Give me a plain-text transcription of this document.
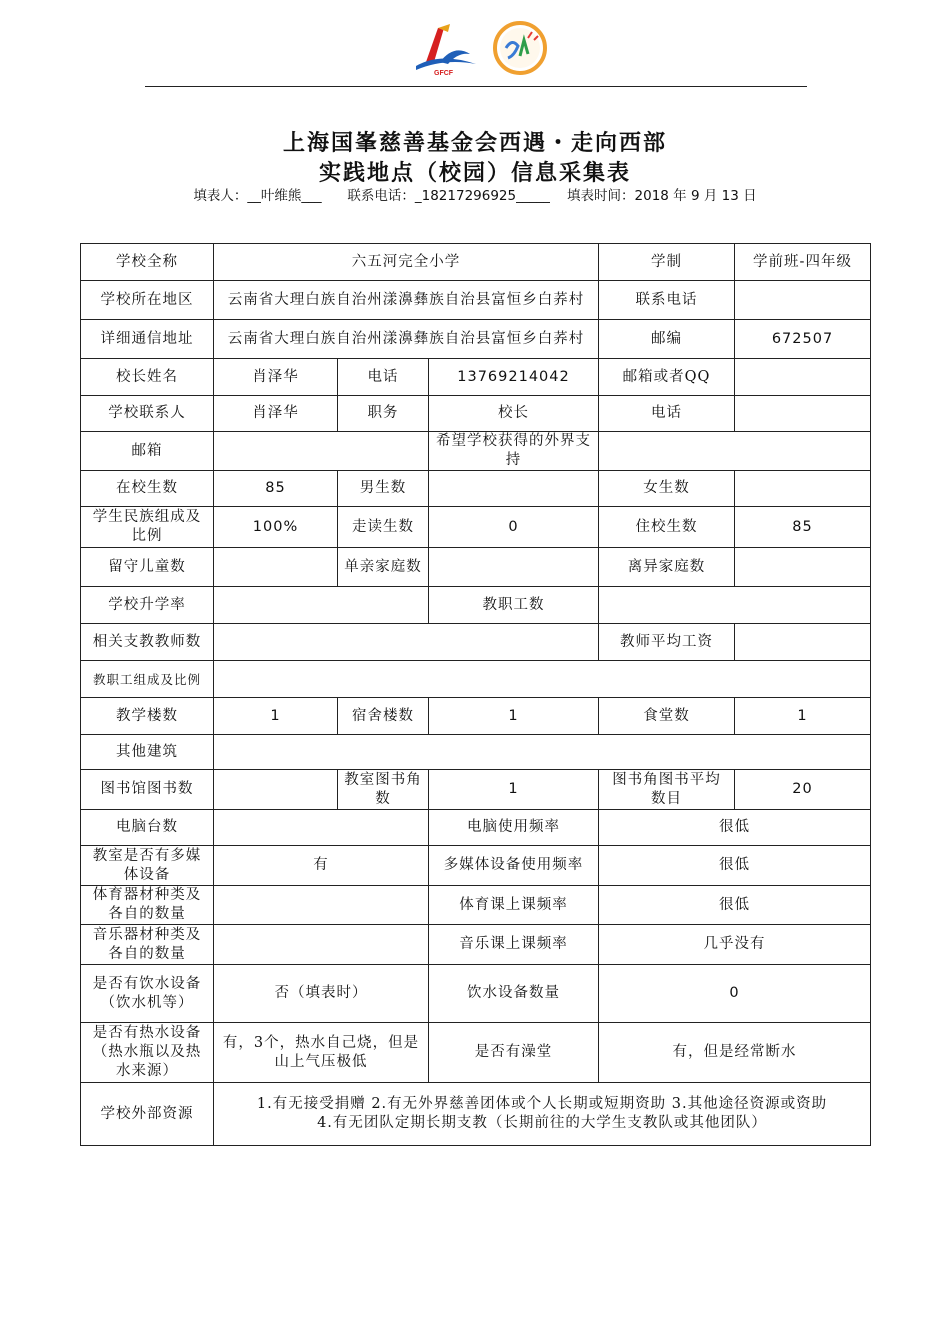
GFCF
上海国峯慈善基金会西遇・走向西部
实践地点（校园）信息采集表
填表人：__叶维熊___ 联系电话：_18217296925_____ 填表时间：2018 年 9 月 13 日
学校全称	六五河完全小学			学制	学前班-四年级
学校所在地区	云南省大理白族自治州漾濞彝族自治县富恒乡白荞村			联系电话	
详细通信地址	云南省大理白族自治州漾濞彝族自治县富恒乡白荞村			邮编	672507
校长姓名	肖泽华	电话	13769214042	邮箱或者QQ	
学校联系人	肖泽华	职务	校长	电话	
邮箱			希望学校获得的外界支持		
在校生数	85	男生数		女生数	
学生民族组成及比例	100%	走读生数	0	住校生数	85
留守儿童数		单亲家庭数		离异家庭数	
学校升学率			教职工数		
相关支教教师数				教师平均工资	
教职工组成及比例					
教学楼数	1	宿舍楼数	1	食堂数	1
其他建筑					
图书馆图书数		教室图书角数	1	图书角图书平均数目	20
电脑台数			电脑使用频率	很低	
教室是否有多媒体设备	有		多媒体设备使用频率	很低	
体育器材种类及各自的数量			体育课上课频率	很低	
音乐器材种类及各自的数量			音乐课上课频率	几乎没有	
是否有饮水设备（饮水机等）	否（填表时）		饮水设备数量	0	
是否有热水设备（热水瓶以及热水来源）	有，3个，热水自己烧，但是山上气压极低		是否有澡堂	有，但是经常断水	
学校外部资源	1.有无接受捐赠 2.有无外界慈善团体或个人长期或短期资助 3.其他途径资源或资助
4.有无团队定期长期支教（长期前往的大学生支教队或其他团队）				
